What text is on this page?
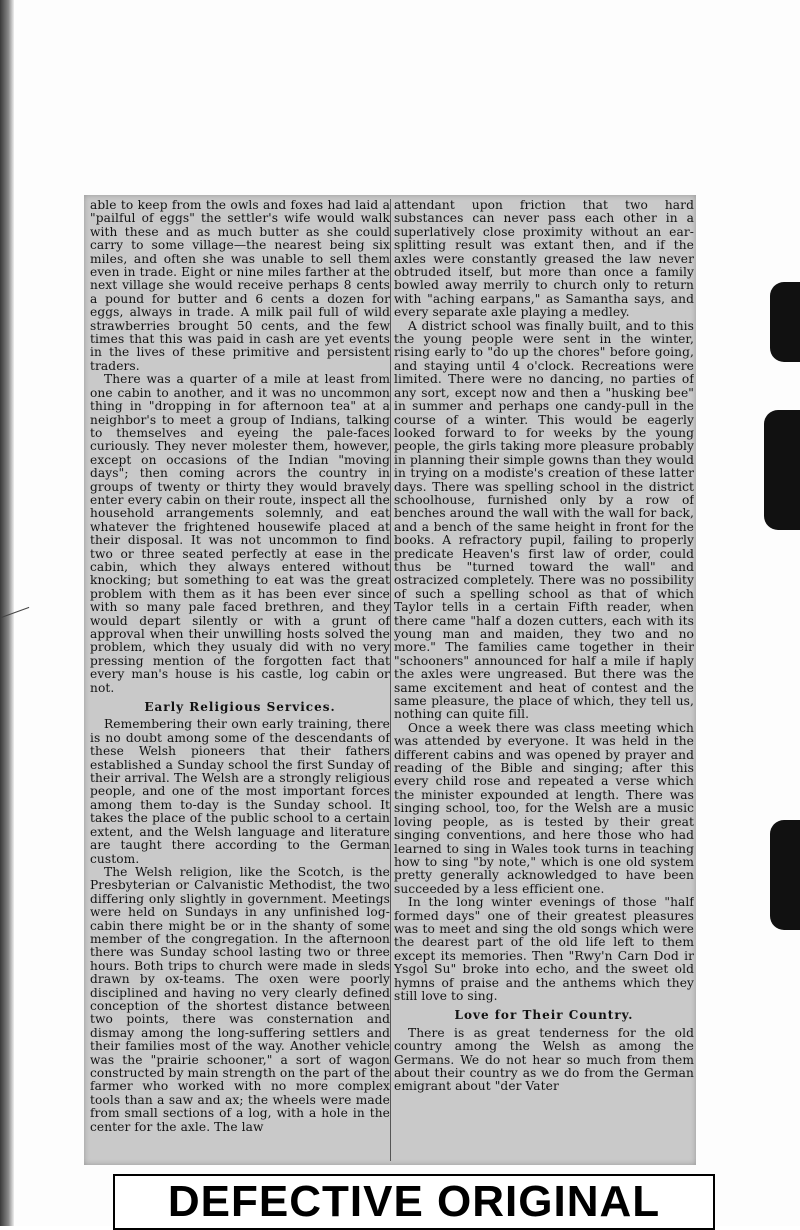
able to keep from the owls and foxes had laid a "pailful of eggs" the settler's wife would walk with these and as much butter as she could carry to some village—the nearest being six miles, and often she was unable to sell them even in trade. Eight or nine miles farther at the next village she would receive perhaps 8 cents a pound for butter and 6 cents a dozen for eggs, always in trade. A milk pail full of wild strawberries brought 50 cents, and the few times that this was paid in cash are yet events in the lives of these primitive and persistent traders.
There was a quarter of a mile at least from one cabin to another, and it was no uncommon thing in "dropping in for afternoon tea" at a neighbor's to meet a group of Indians, talking to themselves and eyeing the pale-faces curiously. They never molester them, however, except on occasions of the Indian "moving days"; then coming acrors the country in groups of twenty or thirty they would bravely enter every cabin on their route, inspect all the household arrangements solemnly, and eat whatever the frightened housewife placed at their disposal. It was not uncommon to find two or three seated perfectly at ease in the cabin, which they always entered without knocking; but something to eat was the great problem with them as it has been ever since with so many pale faced brethren, and they would depart silently or with a grunt of approval when their unwilling hosts solved the problem, which they usualy did with no very pressing mention of the forgotten fact that every man's house is his castle, log cabin or not.
Early Religious Services.
Remembering their own early training, there is no doubt among some of the descendants of these Welsh pioneers that their fathers established a Sunday school the first Sunday of their arrival. The Welsh are a strongly religious people, and one of the most important forces among them to-day is the Sunday school. It takes the place of the public school to a certain extent, and the Welsh language and literature are taught there according to the German custom.
The Welsh religion, like the Scotch, is the Presbyterian or Calvanistic Methodist, the two differing only slightly in government. Meetings were held on Sundays in any unfinished log-cabin there might be or in the shanty of some member of the congregation. In the afternoon there was Sunday school lasting two or three hours. Both trips to church were made in sleds drawn by ox-teams. The oxen were poorly disciplined and having no very clearly defined conception of the shortest distance between two points, there was consternation and dismay among the long-suffering settlers and their families most of the way. Another vehicle was the "prairie schooner," a sort of wagon constructed by main strength on the part of the farmer who worked with no more complex tools than a saw and ax; the wheels were made from small sections of a log, with a hole in the center for the axle. The law
attendant upon friction that two hard substances can never pass each other in a superlatively close proximity without an ear-splitting result was extant then, and if the axles were constantly greased the law never obtruded itself, but more than once a family bowled away merrily to church only to return with "aching earpans," as Samantha says, and every separate axle playing a medley.
A district school was finally built, and to this the young people were sent in the winter, rising early to "do up the chores" before going, and staying until 4 o'clock. Recreations were limited. There were no dancing, no parties of any sort, except now and then a "husking bee" in summer and perhaps one candy-pull in the course of a winter. This would be eagerly looked forward to for weeks by the young people, the girls taking more pleasure probably in planning their simple gowns than they would in trying on a modiste's creation of these latter days. There was spelling school in the district schoolhouse, furnished only by a row of benches around the wall with the wall for back, and a bench of the same height in front for the books. A refractory pupil, failing to properly predicate Heaven's first law of order, could thus be "turned toward the wall" and ostracized completely. There was no possibility of such a spelling school as that of which Taylor tells in a certain Fifth reader, when there came "half a dozen cutters, each with its young man and maiden, they two and no more." The families came together in their "schooners" announced for half a mile if haply the axles were ungreased. But there was the same excitement and heat of contest and the same pleasure, the place of which, they tell us, nothing can quite fill.
Once a week there was class meeting which was attended by everyone. It was held in the different cabins and was opened by prayer and reading of the Bible and singing; after this every child rose and repeated a verse which the minister expounded at length. There was singing school, too, for the Welsh are a music loving people, as is tested by their great singing conventions, and here those who had learned to sing in Wales took turns in teaching how to sing "by note," which is one old system pretty generally acknowledged to have been succeeded by a less efficient one.
In the long winter evenings of those "half formed days" one of their greatest pleasures was to meet and sing the old songs which were the dearest part of the old life left to them except its memories. Then "Rwy'n Carn Dod ir Ysgol Su" broke into echo, and the sweet old hymns of praise and the anthems which they still love to sing.
Love for Their Country.
There is as great tenderness for the old country among the Welsh as among the Germans. We do not hear so much from them about their country as we do from the German emigrant about "der Vater
DEFECTIVE ORIGINAL
